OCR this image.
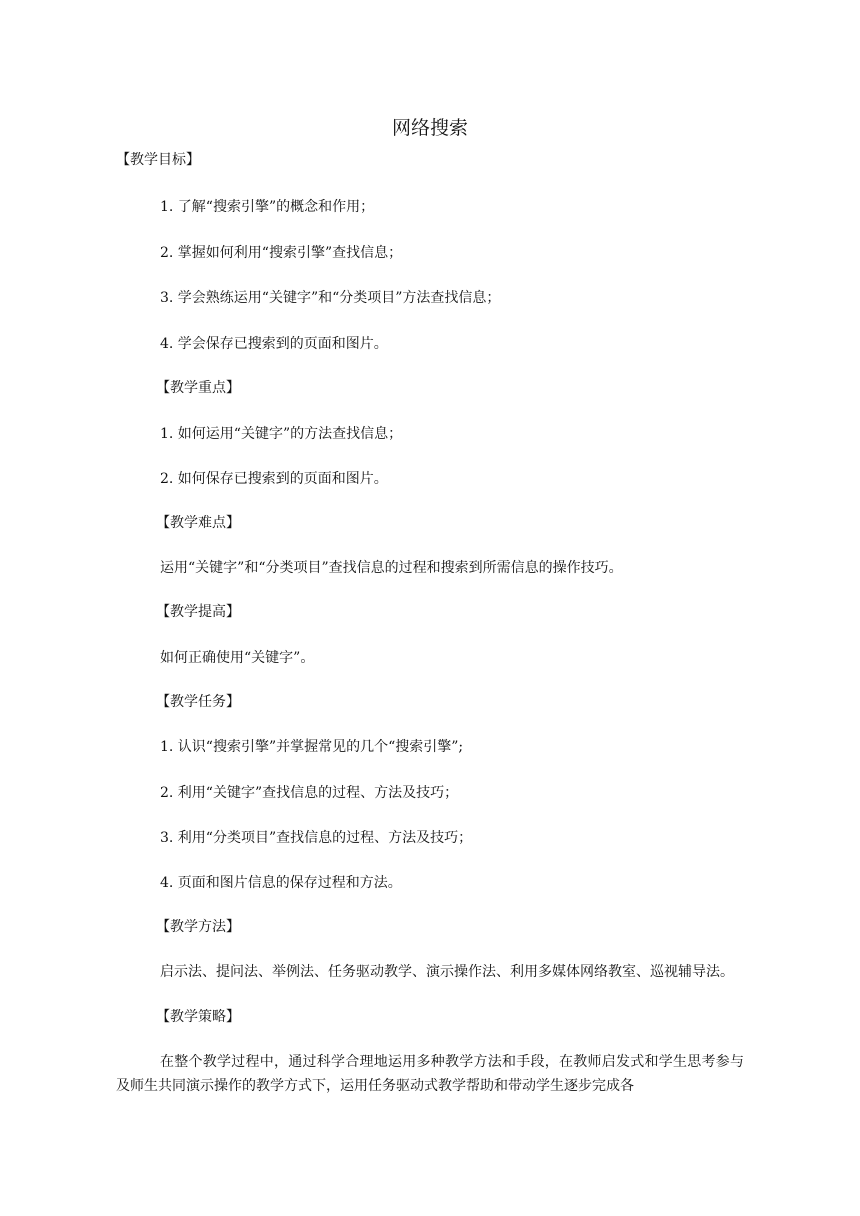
网络搜索
【教学目标】
1. 了解“搜索引擎”的概念和作用；
2. 掌握如何利用“搜索引擎”查找信息；
3. 学会熟练运用“关键字”和“分类项目”方法查找信息；
4. 学会保存已搜索到的页面和图片。
【教学重点】
1. 如何运用“关键字”的方法查找信息；
2. 如何保存已搜索到的页面和图片。
【教学难点】
运用“关键字”和“分类项目”查找信息的过程和搜索到所需信息的操作技巧。
【教学提高】
如何正确使用“关键字”。
【教学任务】
1. 认识“搜索引擎”并掌握常见的几个“搜索引擎”;
2. 利用“关键字”查找信息的过程、方法及技巧；
3. 利用“分类项目”查找信息的过程、方法及技巧；
4. 页面和图片信息的保存过程和方法。
【教学方法】
启示法、提问法、举例法、任务驱动教学、演示操作法、利用多媒体网络教室、巡视辅导法。
【教学策略】
在整个教学过程中，通过科学合理地运用多种教学方法和手段，在教师启发式和学生思考参与及师生共同演示操作的教学方式下，运用任务驱动式教学帮助和带动学生逐步完成各
